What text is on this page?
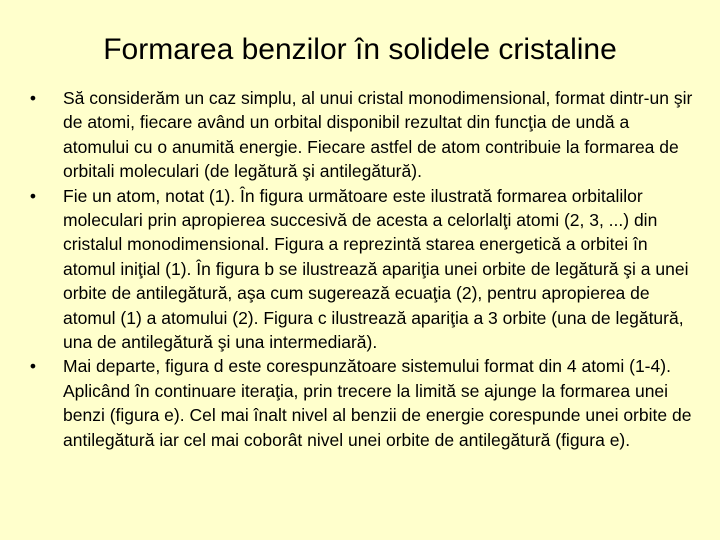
Formarea benzilor în solidele cristaline
• Să considerăm un caz simplu, al unui cristal monodimensional, format dintr-un şir de atomi, fiecare având un orbital disponibil rezultat din funcţia de undă a atomului cu o anumită energie. Fiecare astfel de atom contribuie la formarea de orbitali moleculari (de legătură şi antilegătură).
• Fie un atom, notat (1). În figura următoare este ilustrată formarea orbitalilor moleculari prin apropierea succesivă de acesta a celorlalţi atomi (2, 3, ...) din cristalul monodimensional. Figura a reprezintă starea energetică a orbitei în atomul iniţial (1). În figura b se ilustrează apariţia unei orbite de legătură şi a unei orbite de antilegătură, aşa cum sugerează ecuaţia (2), pentru apropierea de atomul (1) a atomului (2). Figura c ilustrează apariţia a 3 orbite (una de legătură, una de antilegătură şi una intermediară).
• Mai departe, figura d este corespunzătoare sistemului format din 4 atomi (1-4). Aplicând în continuare iteraţia, prin trecere la limită se ajunge la formarea unei benzi (figura e). Cel mai înalt nivel al benzii de energie corespunde unei orbite de antilegătură iar cel mai coborât nivel unei orbite de antilegătură (figura e).
